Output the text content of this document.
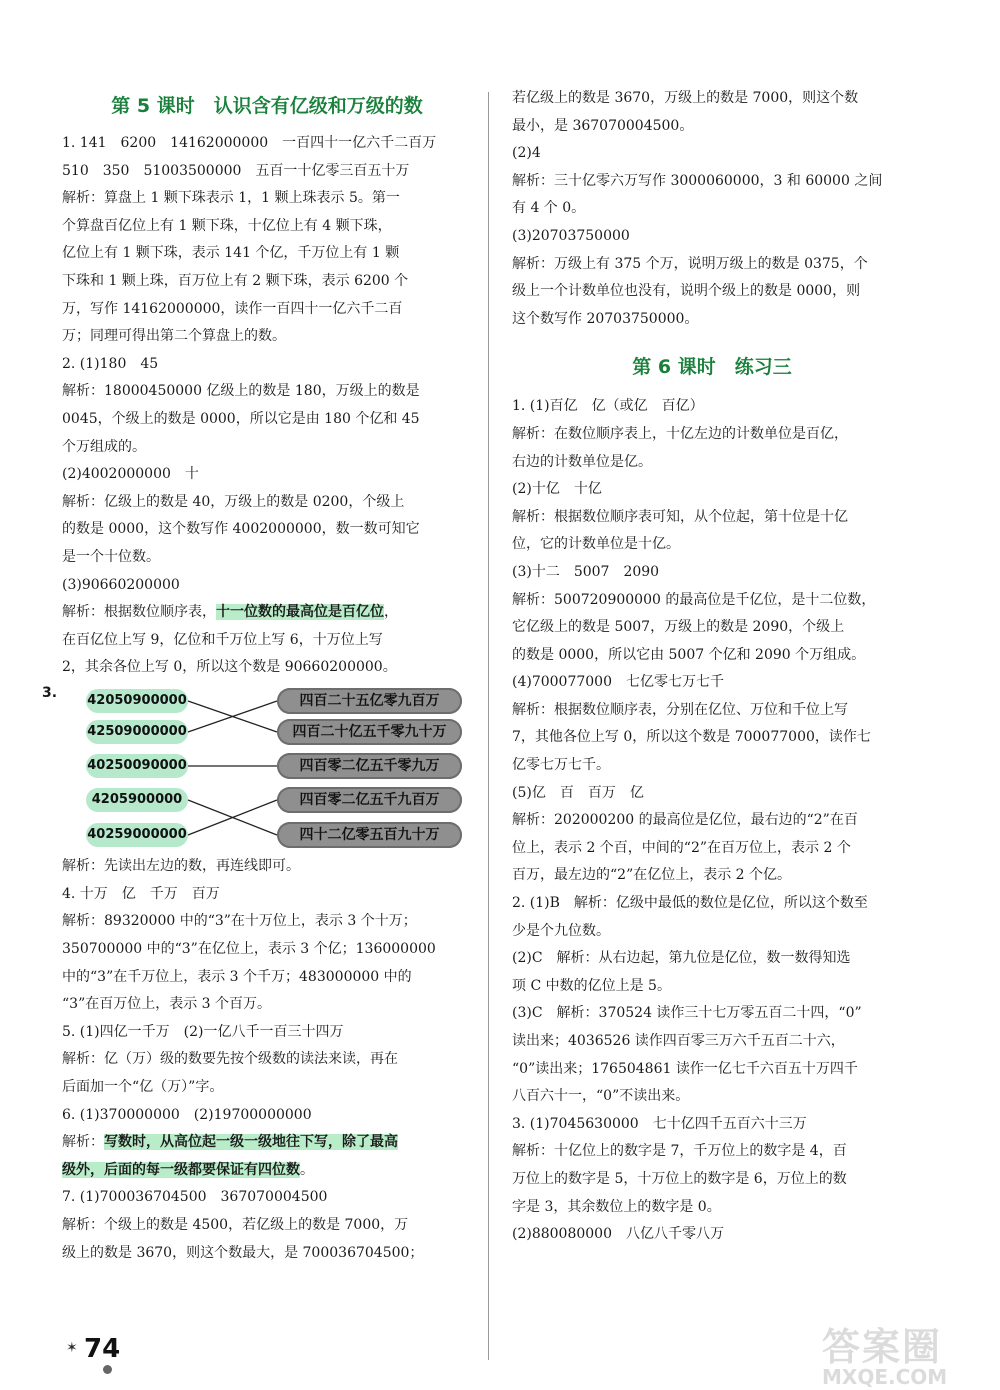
第 5 课时　认识含有亿级和万级的数
1. 141　6200　14162000000　一百四十一亿六千二百万
510　350　51003500000　五百一十亿零三百五十万
解析：算盘上 1 颗下珠表示 1，1 颗上珠表示 5。第一
个算盘百亿位上有 1 颗下珠，十亿位上有 4 颗下珠，
亿位上有 1 颗下珠，表示 141 个亿，千万位上有 1 颗
下珠和 1 颗上珠，百万位上有 2 颗下珠，表示 6200 个
万，写作 14162000000，读作一百四十一亿六千二百
万；同理可得出第二个算盘上的数。
2. (1)180　45
解析：18000450000 亿级上的数是 180，万级上的数是
0045，个级上的数是 0000，所以它是由 180 个亿和 45
个万组成的。
(2)4002000000　十
解析：亿级上的数是 40，万级上的数是 0200，个级上
的数是 0000，这个数写作 4002000000，数一数可知它
是一个十位数。
(3)90660200000
解析：根据数位顺序表，十一位数的最高位是百亿位，
在百亿位上写 9，亿位和千万位上写 6，十万位上写
2，其余各位上写 0，所以这个数是 90660200000。
3. 42050900000
42509000000
40250090000
4205900000
40259000000
四百二十五亿零九百万
四百二十亿五千零九十万
四百零二亿五千零九万
四百零二亿五千九百万
四十二亿零五百九十万
解析：先读出左边的数，再连线即可。
4. 十万　亿　千万　百万
解析：89320000 中的“3”在十万位上，表示 3 个十万；
350700000 中的“3”在亿位上，表示 3 个亿；136000000
中的“3”在千万位上，表示 3 个千万；483000000 中的
“3”在百万位上，表示 3 个百万。
5. (1)四亿一千万　(2)一亿八千一百三十四万
解析：亿（万）级的数要先按个级数的读法来读，再在
后面加一个“亿（万）”字。
6. (1)370000000　(2)19700000000
解析：写数时，从高位起一级一级地往下写，除了最高
级外，后面的每一级都要保证有四位数。
7. (1)700036704500　367070004500
解析：个级上的数是 4500，若亿级上的数是 7000，万
级上的数是 3670，则这个数最大，是 700036704500；
若亿级上的数是 3670，万级上的数是 7000，则这个数
最小，是 367070004500。
(2)4
解析：三十亿零六万写作 3000060000，3 和 60000 之间
有 4 个 0。
(3)20703750000
解析：万级上有 375 个万，说明万级上的数是 0375，个
级上一个计数单位也没有，说明个级上的数是 0000，则
这个数写作 20703750000。
第 6 课时　练习三
1. (1)百亿　亿（或亿　百亿）
解析：在数位顺序表上，十亿左边的计数单位是百亿，
右边的计数单位是亿。
(2)十亿　十亿
解析：根据数位顺序表可知，从个位起，第十位是十亿
位，它的计数单位是十亿。
(3)十二　5007　2090
解析：500720900000 的最高位是千亿位，是十二位数，
它亿级上的数是 5007，万级上的数是 2090，个级上
的数是 0000，所以它由 5007 个亿和 2090 个万组成。
(4)700077000　七亿零七万七千
解析：根据数位顺序表，分别在亿位、万位和千位上写
7，其他各位上写 0，所以这个数是 700077000，读作七
亿零七万七千。
(5)亿　百　百万　亿
解析：202000200 的最高位是亿位，最右边的“2”在百
位上，表示 2 个百，中间的“2”在百万位上，表示 2 个
百万，最左边的“2”在亿位上，表示 2 个亿。
2. (1)B　解析：亿级中最低的数位是亿位，所以这个数至
少是个九位数。
(2)C　解析：从右边起，第九位是亿位，数一数得知选
项 C 中数的亿位上是 5。
(3)C　解析：370524 读作三十七万零五百二十四，“0”
读出来；4036526 读作四百零三万六千五百二十六，
“0”读出来；176504861 读作一亿七千六百五十万四千
八百六十一，“0”不读出来。
3. (1)7045630000　七十亿四千五百六十三万
解析：十亿位上的数字是 7，千万位上的数字是 4，百
万位上的数字是 5，十万位上的数字是 6，万位上的数
字是 3，其余数位上的数字是 0。
(2)880080000　八亿八千零八万
✶ 74	答案圈
MXQE.COM
